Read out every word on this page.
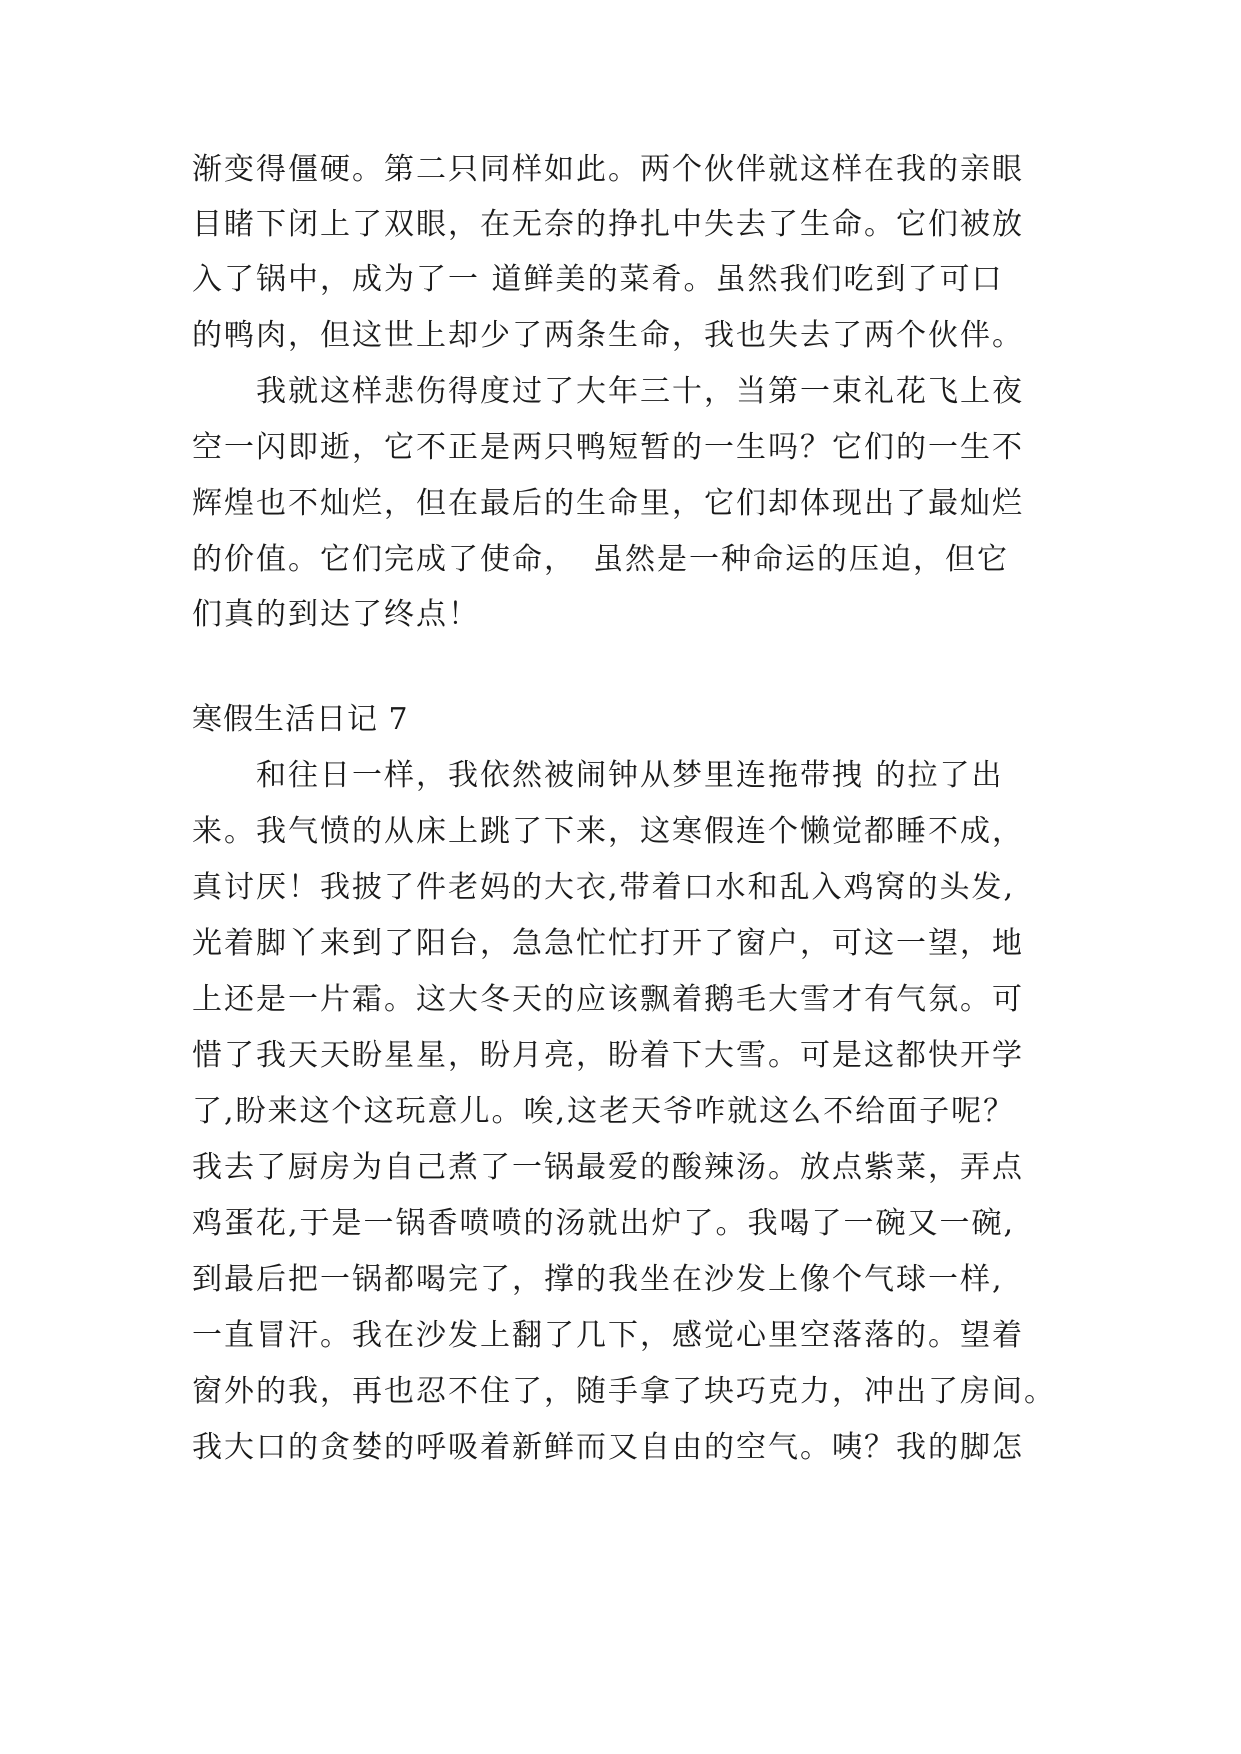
渐变得僵硬。第二只同样如此。两个伙伴就这样在我的亲眼
目睹下闭上了双眼，在无奈的挣扎中失去了生命。它们被放
入了锅中，成为了一 道鲜美的菜肴。虽然我们吃到了可口
的鸭肉，但这世上却少了两条生命，我也失去了两个伙伴。
　　我就这样悲伤得度过了大年三十，当第一束礼花飞上夜
空一闪即逝，它不正是两只鸭短暂的一生吗？它们的一生不
辉煌也不灿烂，但在最后的生命里，它们却体现出了最灿烂
的价值。它们完成了使命，　虽然是一种命运的压迫，但它
们真的到达了终点！
寒假生活日记 7
　　和往日一样，我依然被闹钟从梦里连拖带拽 的拉了出
来。我气愤的从床上跳了下来，这寒假连个懒觉都睡不成，
真讨厌！我披了件老妈的大衣,带着口水和乱入鸡窝的头发,
光着脚丫来到了阳台，急急忙忙打开了窗户，可这一望，地
上还是一片霜。这大冬天的应该飘着鹅毛大雪才有气氛。可
惜了我天天盼星星，盼月亮，盼着下大雪。可是这都快开学
了,盼来这个这玩意儿。唉,这老天爷咋就这么不给面子呢？
我去了厨房为自己煮了一锅最爱的酸辣汤。放点紫菜，弄点
鸡蛋花,于是一锅香喷喷的汤就出炉了。我喝了一碗又一碗,
到最后把一锅都喝完了，撑的我坐在沙发上像个气球一样,
一直冒汗。我在沙发上翻了几下，感觉心里空落落的。望着
窗外的我，再也忍不住了，随手拿了块巧克力，冲出了房间。
我大口的贪婪的呼吸着新鲜而又自由的空气。咦？我的脚怎
